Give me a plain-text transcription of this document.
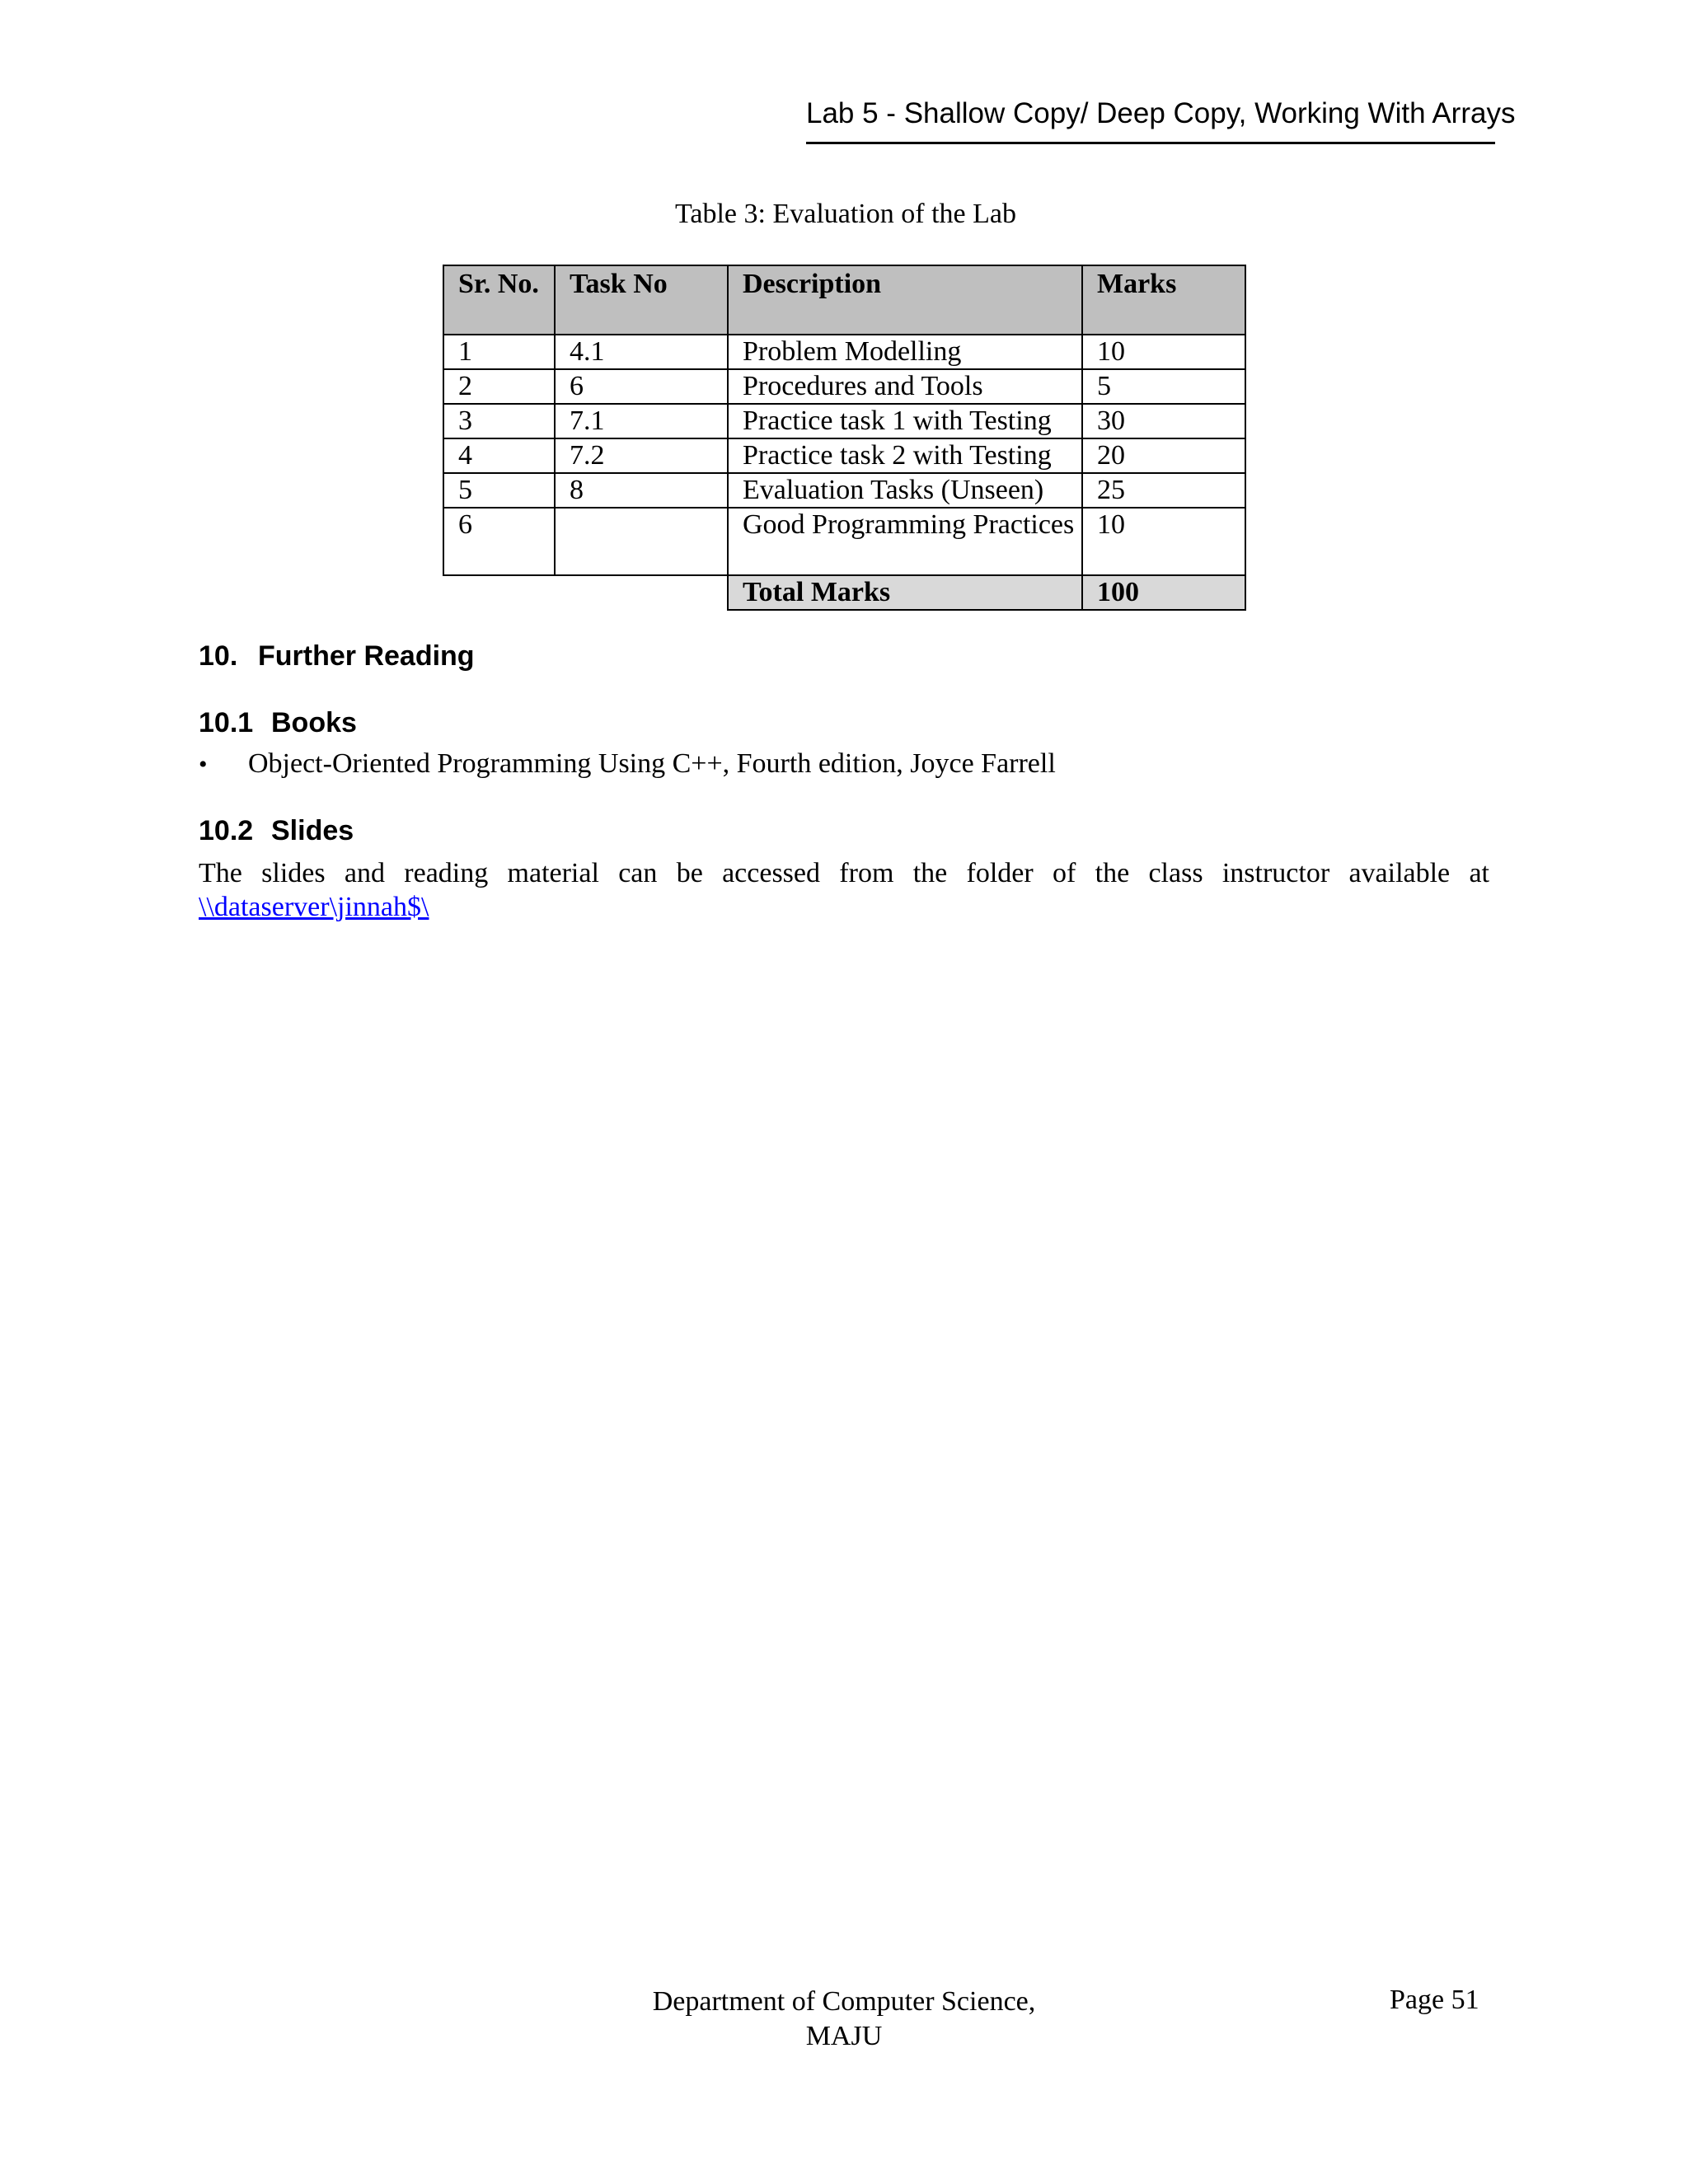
Lab 5 - Shallow Copy/ Deep Copy, Working With Arrays
Table 3: Evaluation of the Lab
Sr. No.	Task No	Description	Marks
1	4.1	Problem Modelling	10
2	6	Procedures and Tools	5
3	7.1	Practice task 1 with Testing	30
4	7.2	Practice task 2 with Testing	20
5	8	Evaluation Tasks (Unseen)	25
6		Good Programming Practices	10
		Total Marks	100
10. Further Reading
10.1 Books
• Object-Oriented Programming Using C++, Fourth edition, Joyce Farrell
10.2 Slides
The slides and reading material can be accessed from the folder of the class instructor available at
\\dataserver\jinnah$\
Department of Computer Science,
MAJU
Page 51
